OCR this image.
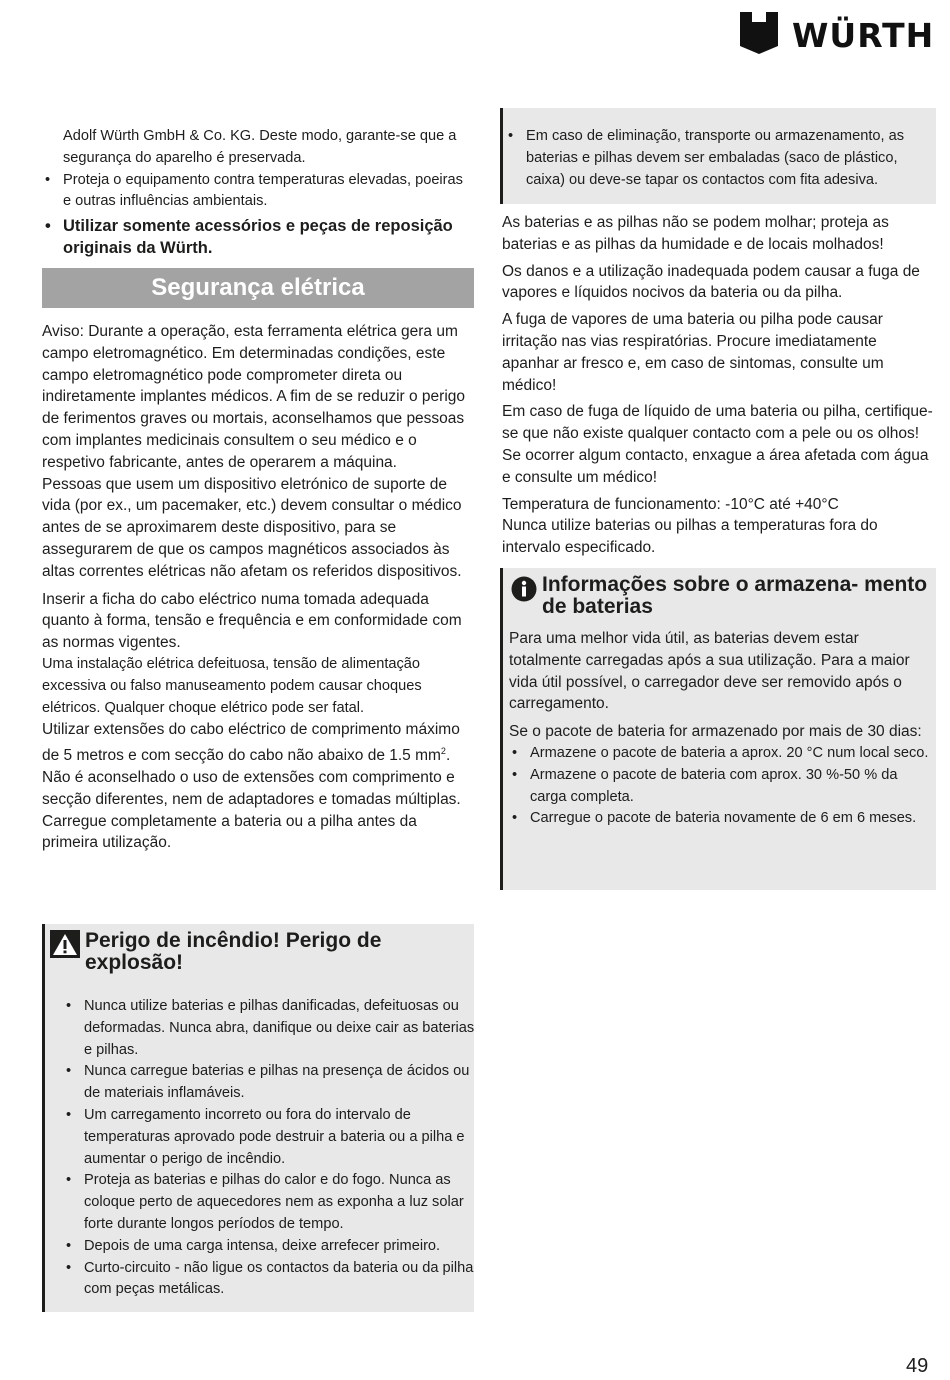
WÜRTH

Adolf Würth GmbH & Co. KG. Deste modo, garante-se que a segurança do aparelho é preservada.

• Proteja o equipamento contra temperaturas elevadas, poeiras e outras influências ambientais.
• Utilizar somente acessórios e peças de reposição originais da Würth.
Segurança elétrica

Aviso: Durante a operação, esta ferramenta elétrica gera um campo eletromagnético. Em determinadas condições, este campo eletromagnético pode comprometer direta ou indiretamente implantes médicos. A fim de se reduzir o perigo de ferimentos graves ou mortais, aconselhamos que pessoas com implantes medicinais consultem o seu médico e o respetivo fabricante, antes de operarem a máquina.

Pessoas que usem um dispositivo eletrónico de suporte de vida (por ex., um pacemaker, etc.) devem consultar o médico antes de se aproximarem deste dispositivo, para se assegurarem de que os campos magnéticos associados às altas correntes elétricas não afetam os referidos dispositivos.

Inserir a ficha do cabo eléctrico numa tomada adequada quanto à forma, tensão e frequência e em conformidade com as normas vigentes.

Uma instalação elétrica defeituosa, tensão de alimentação excessiva ou falso manuseamento podem causar choques elétricos. Qualquer choque elétrico pode ser fatal.

Utilizar extensões do cabo eléctrico de comprimento máximo de 5 metros e com secção do cabo não abaixo de 1.5 $mm^2$. Não é aconselhado o uso de extensões com comprimento e secção diferentes, nem de adaptadores e tomadas múltiplas.

Carregue completamente a bateria ou a pilha antes da primeira utilização.

Perigo de incêndio! Perigo de explosão!
• Nunca utilize baterias e pilhas danificadas, defeituosas ou deformadas. Nunca abra, danifique ou deixe cair as baterias e pilhas.
• Nunca carregue baterias e pilhas na presença de ácidos ou de materiais inflamáveis.
• Um carregamento incorreto ou fora do intervalo de temperaturas aprovado pode destruir a bateria ou a pilha e aumentar o perigo de incêndio.
• Proteja as baterias e pilhas do calor e do fogo. Nunca as coloque perto de aquecedores nem as exponha a luz solar forte durante longos períodos de tempo.
• Depois de uma carga intensa, deixe arrefecer primeiro.
• Curto-circuito - não ligue os contactos da bateria ou da pilha com peças metálicas.
• Em caso de eliminação, transporte ou armazenamento, as baterias e pilhas devem ser embaladas (saco de plástico, caixa) ou deve-se tapar os contactos com fita adesiva.

As baterias e as pilhas não se podem molhar; proteja as baterias e as pilhas da humidade e de locais molhados!

Os danos e a utilização inadequada podem causar a fuga de vapores e líquidos nocivos da bateria ou da pilha.

A fuga de vapores de uma bateria ou pilha pode causar irritação nas vias respiratórias. Procure imediatamente apanhar ar fresco e, em caso de sintomas, consulte um médico!

Em caso de fuga de líquido de uma bateria ou pilha, certifique-se que não existe qualquer contacto com a pele ou os olhos! Se ocorrer algum contacto, enxague a área afetada com água e consulte um médico!

Temperatura de funcionamento: -10°C até +40°C

Nunca utilize baterias ou pilhas a temperaturas fora do intervalo especificado.

Informações sobre o armazena- mento de baterias

Para uma melhor vida útil, as baterias devem estar totalmente carregadas após a sua utilização. Para a maior vida útil possível, o carregador deve ser removido após o carregamento.

Se o pacote de bateria for armazenado por mais de 30 dias:

• Armazene o pacote de bateria a aprox. 20 °C num local seco.
• Armazene o pacote de bateria com aprox. 30 %-50 % da carga completa.
• Carregue o pacote de bateria novamente de 6 em 6 meses.
49
